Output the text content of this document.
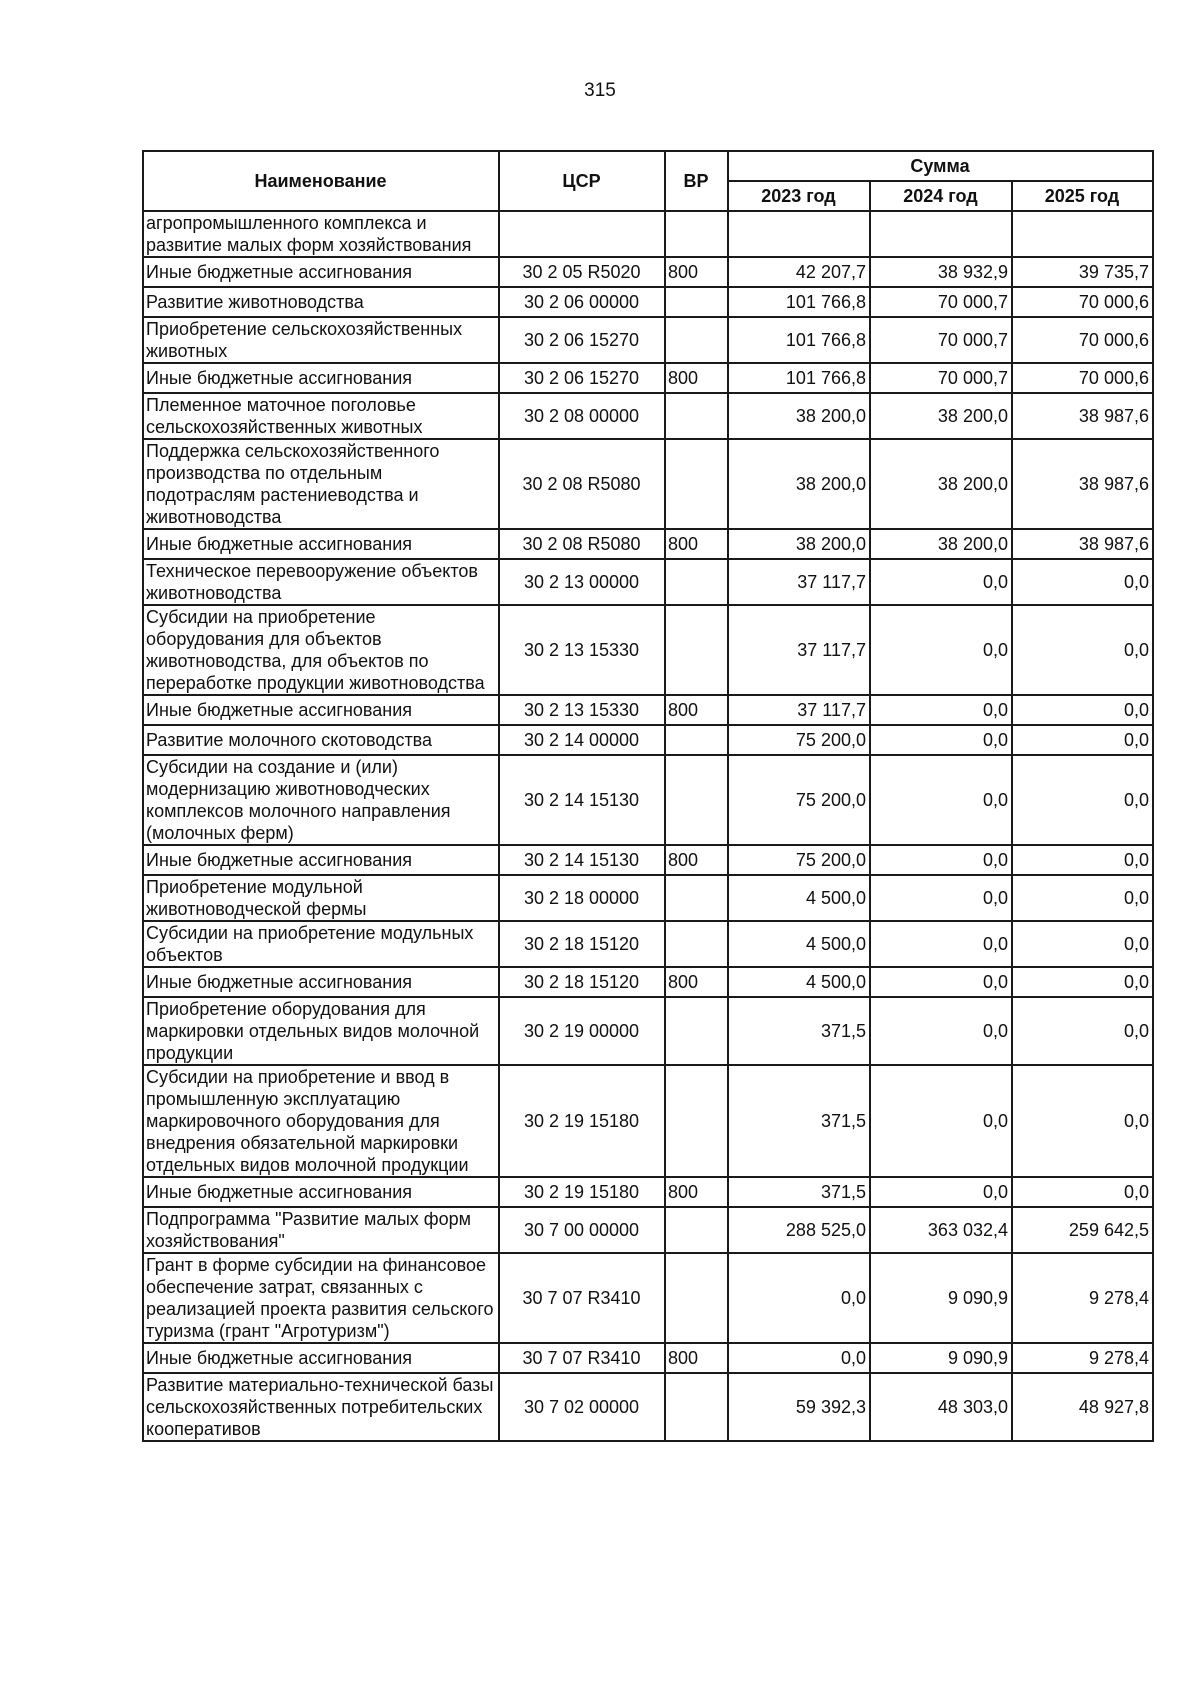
315
Наименование	ЦСР	ВР	Сумма		
			2023 год	2024 год	2025 год
агропромышленного комплекса и развитие малых форм хозяйствования					
Иные бюджетные ассигнования	30 2 05 R5020	800	42 207,7	38 932,9	39 735,7
Развитие животноводства	30 2 06 00000		101 766,8	70 000,7	70 000,6
Приобретение сельскохозяйственных животных	30 2 06 15270		101 766,8	70 000,7	70 000,6
Иные бюджетные ассигнования	30 2 06 15270	800	101 766,8	70 000,7	70 000,6
Племенное маточное поголовье сельскохозяйственных животных	30 2 08 00000		38 200,0	38 200,0	38 987,6
Поддержка сельскохозяйственного производства по отдельным подотраслям растениеводства и животноводства	30 2 08 R5080		38 200,0	38 200,0	38 987,6
Иные бюджетные ассигнования	30 2 08 R5080	800	38 200,0	38 200,0	38 987,6
Техническое перевооружение объектов животноводства	30 2 13 00000		37 117,7	0,0	0,0
Субсидии на приобретение оборудования для объектов животноводства, для объектов по переработке продукции животноводства	30 2 13 15330		37 117,7	0,0	0,0
Иные бюджетные ассигнования	30 2 13 15330	800	37 117,7	0,0	0,0
Развитие молочного скотоводства	30 2 14 00000		75 200,0	0,0	0,0
Субсидии на создание и (или) модернизацию животноводческих комплексов молочного направления (молочных ферм)	30 2 14 15130		75 200,0	0,0	0,0
Иные бюджетные ассигнования	30 2 14 15130	800	75 200,0	0,0	0,0
Приобретение модульной животноводческой фермы	30 2 18 00000		4 500,0	0,0	0,0
Субсидии на приобретение модульных объектов	30 2 18 15120		4 500,0	0,0	0,0
Иные бюджетные ассигнования	30 2 18 15120	800	4 500,0	0,0	0,0
Приобретение оборудования для маркировки отдельных видов молочной продукции	30 2 19 00000		371,5	0,0	0,0
Субсидии на приобретение и ввод в промышленную эксплуатацию маркировочного оборудования для внедрения обязательной маркировки отдельных видов молочной продукции	30 2 19 15180		371,5	0,0	0,0
Иные бюджетные ассигнования	30 2 19 15180	800	371,5	0,0	0,0
Подпрограмма "Развитие малых форм хозяйствования"	30 7 00 00000		288 525,0	363 032,4	259 642,5
Грант в форме субсидии на финансовое обеспечение затрат, связанных с реализацией проекта развития сельского туризма (грант "Агротуризм")	30 7 07 R3410		0,0	9 090,9	9 278,4
Иные бюджетные ассигнования	30 7 07 R3410	800	0,0	9 090,9	9 278,4
Развитие материально-технической базы сельскохозяйственных потребительских кооперативов	30 7 02 00000		59 392,3	48 303,0	48 927,8
